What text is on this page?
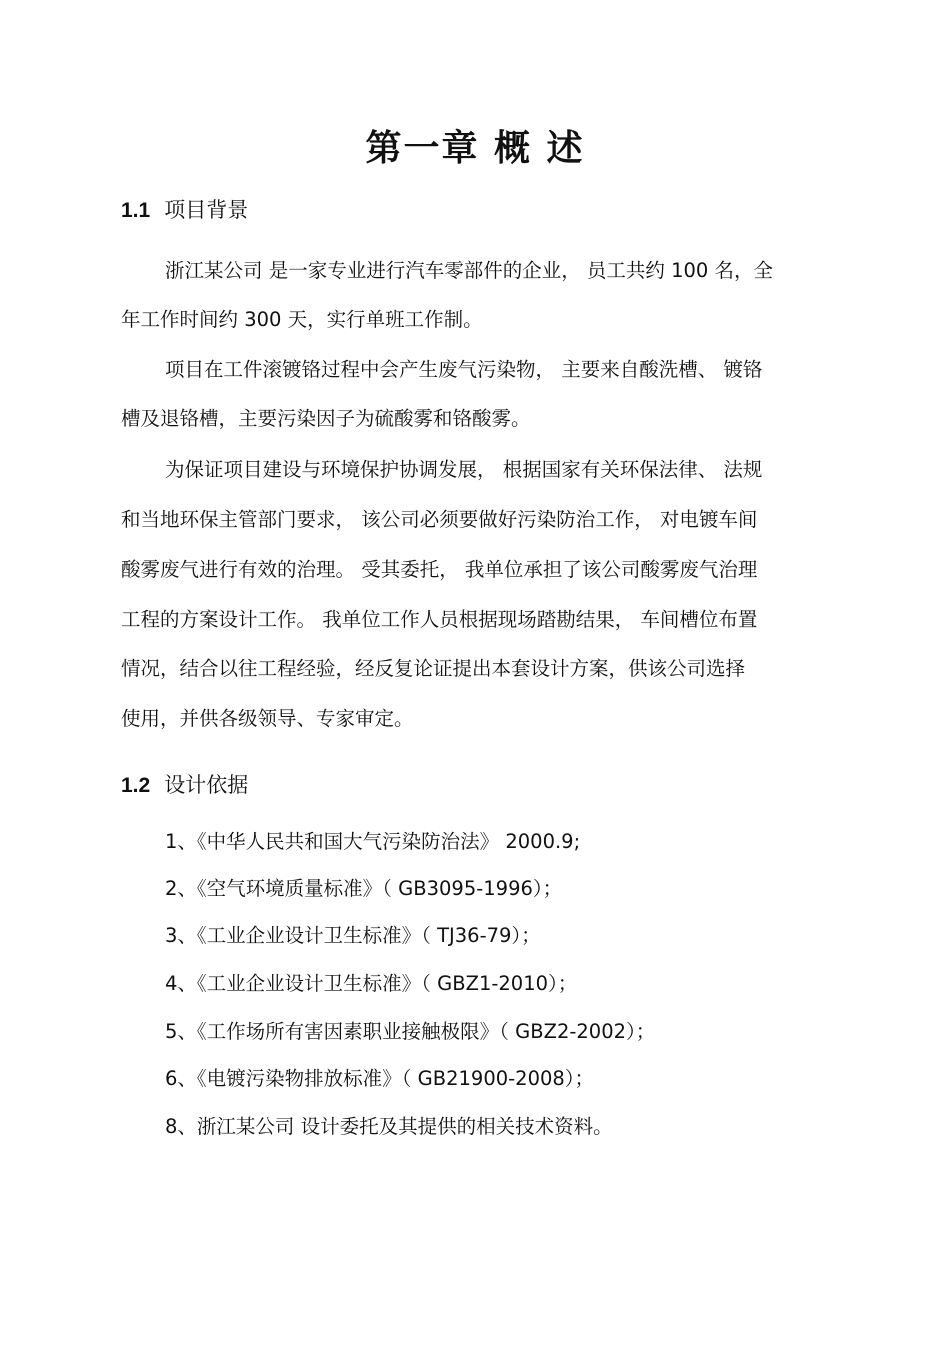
第一章 概 述
1.1 项目背景

浙江某公司 是一家专业进行汽车零部件的企业， 员工共约 100 名，全

年工作时间约 300 天，实行单班工作制。

项目在工件滚镀铬过程中会产生废气污染物， 主要来自酸洗槽、 镀铬

槽及退铬槽，主要污染因子为硫酸雾和铬酸雾。

为保证项目建设与环境保护协调发展， 根据国家有关环保法律、 法规

和当地环保主管部门要求， 该公司必须要做好污染防治工作， 对电镀车间

酸雾废气进行有效的治理。 受其委托， 我单位承担了该公司酸雾废气治理

工程的方案设计工作。 我单位工作人员根据现场踏勘结果， 车间槽位布置

情况，结合以往工程经验，经反复论证提出本套设计方案，供该公司选择

使用，并供各级领导、专家审定。

1.2 设计依据

1、《中华人民共和国大气污染防治法》 2000.9;

2、《空气环境质量标准》（ GB3095-1996）；

3、《工业企业设计卫生标准》（ TJ36-79）；

4、《工业企业设计卫生标准》（ GBZ1-2010）；

5、《工作场所有害因素职业接触极限》（ GBZ2-2002）；

6、《电镀污染物排放标准》（ GB21900-2008）；

8、浙江某公司 设计委托及其提供的相关技术资料。
